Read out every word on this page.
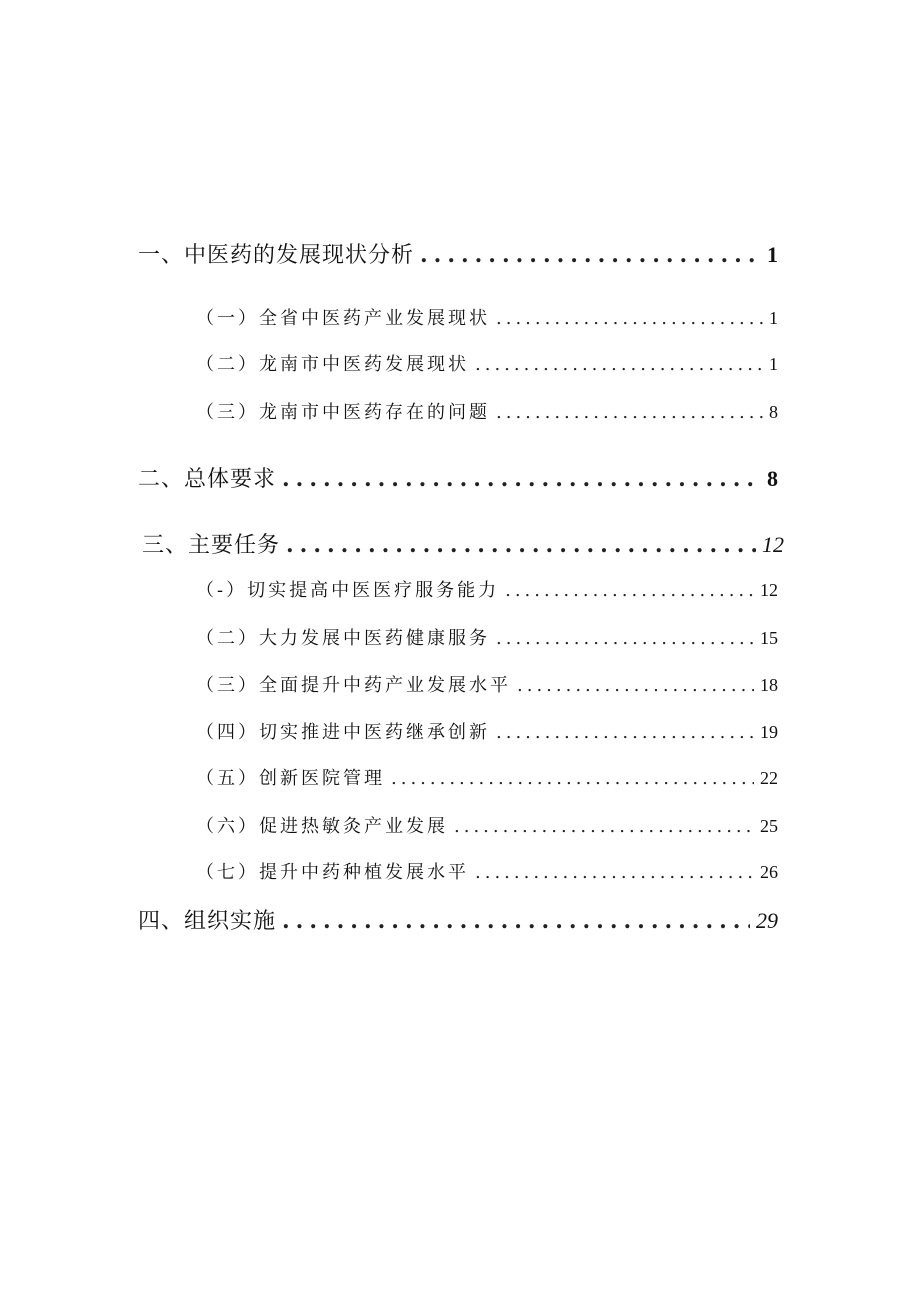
一、中医药的发展现状分析 .....	1
（一）全省中医药产业发展现状 .....	1
（二）龙南市中医药发展现状 .....	1
（三）龙南市中医药存在的问题 .....	8
二、总体要求 .....	8
三、主要任务 .....	12
（-）切实提高中医医疗服务能力 .....	12
（二）大力发展中医药健康服务 .....	15
（三）全面提升中药产业发展水平 .....	18
（四）切实推进中医药继承创新 .....	19
（五）创新医院管理 .....	22
（六）促进热敏灸产业发展 .....	25
（七）提升中药种植发展水平 .....	26
四、组织实施 .....	29
